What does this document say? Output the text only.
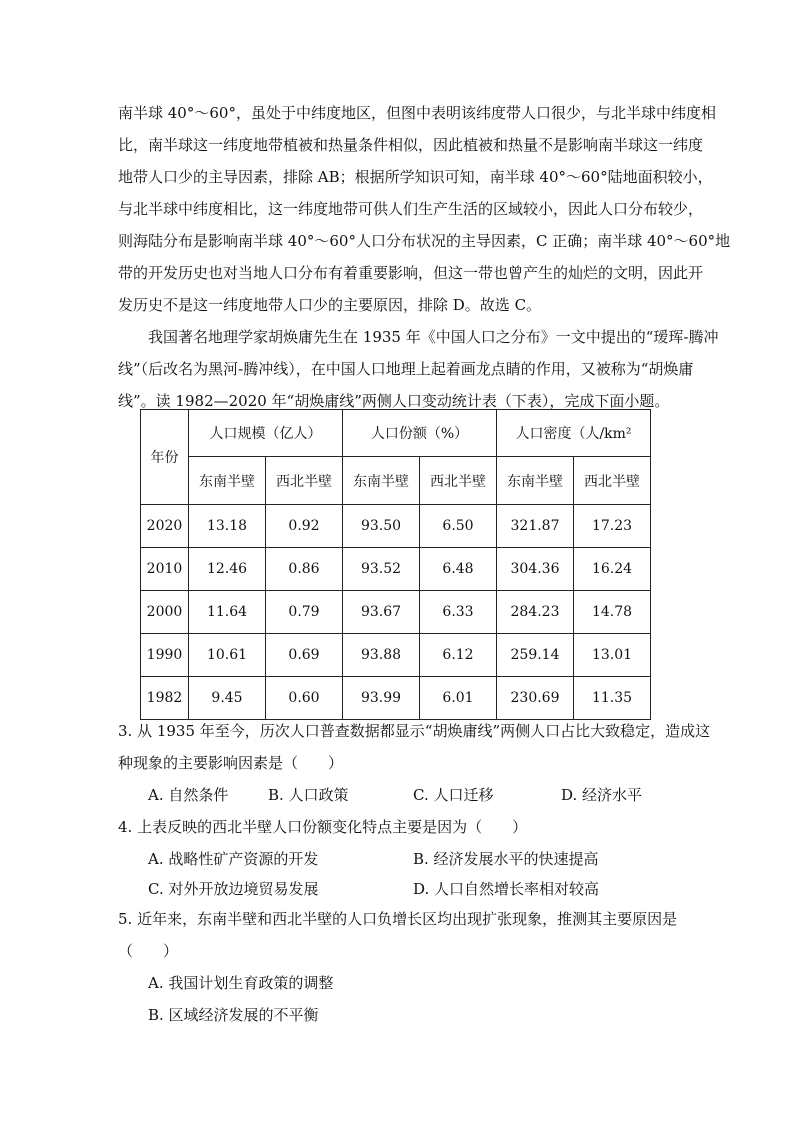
南半球 40°～60°，虽处于中纬度地区，但图中表明该纬度带人口很少，与北半球中纬度相
比，南半球这一纬度地带植被和热量条件相似，因此植被和热量不是影响南半球这一纬度
地带人口少的主导因素，排除 AB；根据所学知识可知，南半球 40°～60°陆地面积较小，
与北半球中纬度相比，这一纬度地带可供人们生产生活的区域较小，因此人口分布较少，
则海陆分布是影响南半球 40°～60°人口分布状况的主导因素，C 正确；南半球 40°～60°地
带的开发历史也对当地人口分布有着重要影响，但这一带也曾产生的灿烂的文明，因此开
发历史不是这一纬度地带人口少的主要原因，排除 D。故选 C。
我国著名地理学家胡焕庸先生在 1935 年《中国人口之分布》一文中提出的“瑷珲-腾冲
线”（后改名为黑河-腾冲线），在中国人口地理上起着画龙点睛的作用，又被称为“胡焕庸
线”。读 1982—2020 年“胡焕庸线”两侧人口变动统计表（下表），完成下面小题。
年份	人口规模（亿人）		人口份额（%）		人口密度（人/km²	
	东南半壁	西北半壁	东南半壁	西北半壁	东南半壁	西北半壁
2020	13.18	0.92	93.50	6.50	321.87	17.23
2010	12.46	0.86	93.52	6.48	304.36	16.24
2000	11.64	0.79	93.67	6.33	284.23	14.78
1990	10.61	0.69	93.88	6.12	259.14	13.01
1982	9.45	0.60	93.99	6.01	230.69	11.35
3. 从 1935 年至今，历次人口普查数据都显示“胡焕庸线”两侧人口占比大致稳定，造成这
种现象的主要影响因素是（　　）
A. 自然条件	B. 人口政策	C. 人口迁移	D. 经济水平
4. 上表反映的西北半壁人口份额变化特点主要是因为（　　）
A. 战略性矿产资源的开发	B. 经济发展水平的快速提高
C. 对外开放边境贸易发展	D. 人口自然增长率相对较高
5. 近年来，东南半壁和西北半壁的人口负增长区均出现扩张现象，推测其主要原因是
（　　）
A. 我国计划生育政策的调整
B. 区域经济发展的不平衡
